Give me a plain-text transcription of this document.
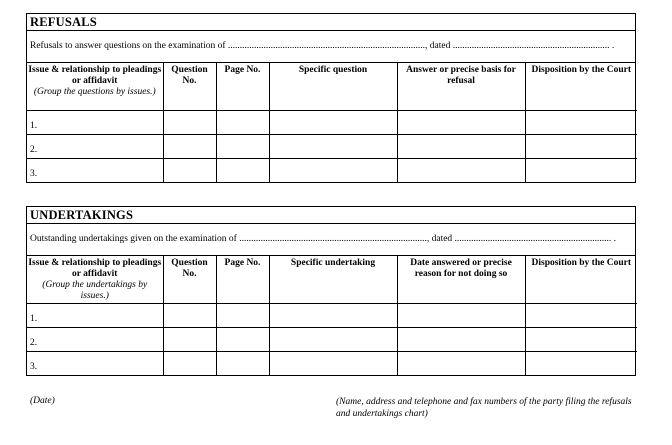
REFUSALS
Refusals to answer questions on the examination of ..................................................................................., dated .................................................................. .
Issue & relationship to pleadings or affidavit
(Group the questions by issues.)	Question No.	Page No.	Specific question	Answer or precise basis for refusal	Disposition by the Court
1.					
2.					
3.					
UNDERTAKINGS
Outstanding undertakings given on the examination of ..............................................................................., dated .................................................................. .
Issue & relationship to pleadings or affidavit
(Group the undertakings by issues.)	Question No.	Page No.	Specific undertaking	Date answered or precise reason for not doing so	Disposition by the Court
1.					
2.					
3.					
(Date)	(Name, address and telephone and fax numbers of the party filing the refusals and undertakings chart)
